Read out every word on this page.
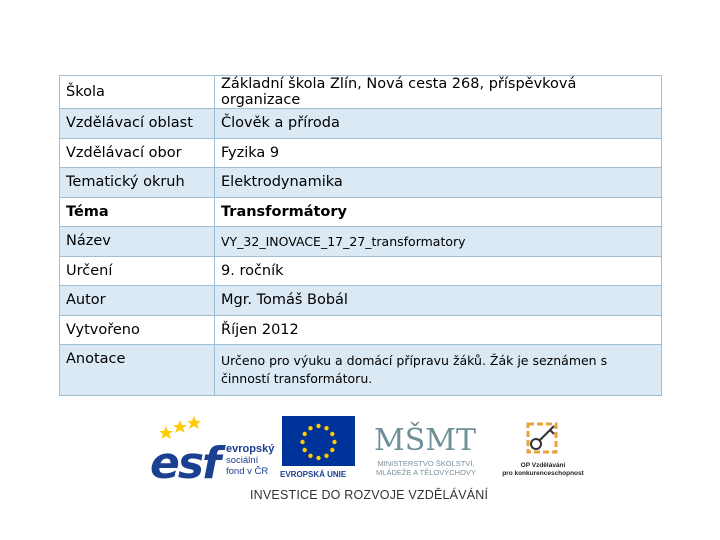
Škola	Základní škola Zlín, Nová cesta 268, příspěvková organizace
Vzdělávací oblast	Člověk a příroda
Vzdělávací obor	Fyzika 9
Tematický okruh	Elektrodynamika
Téma	Transformátory
Název	VY_32_INOVACE_17_27_transformatory
Určení	9. ročník
Autor	Mgr. Tomáš Bobál
Vytvořeno	Říjen 2012
Anotace	Určeno pro výuku a domácí přípravu žáků. Žák je seznámen s činností transformátoru.
esf evropský
sociální
fond v ČR	EVROPSKÁ UNIE
MŠMT
MINISTERSTVO ŠKOLSTVÍ,
MLÁDEŽE A TĚLOVÝCHOVY
OP Vzdělávání
pro konkurenceschopnost
INVESTICE DO ROZVOJE VZDĚLÁVÁNÍ
